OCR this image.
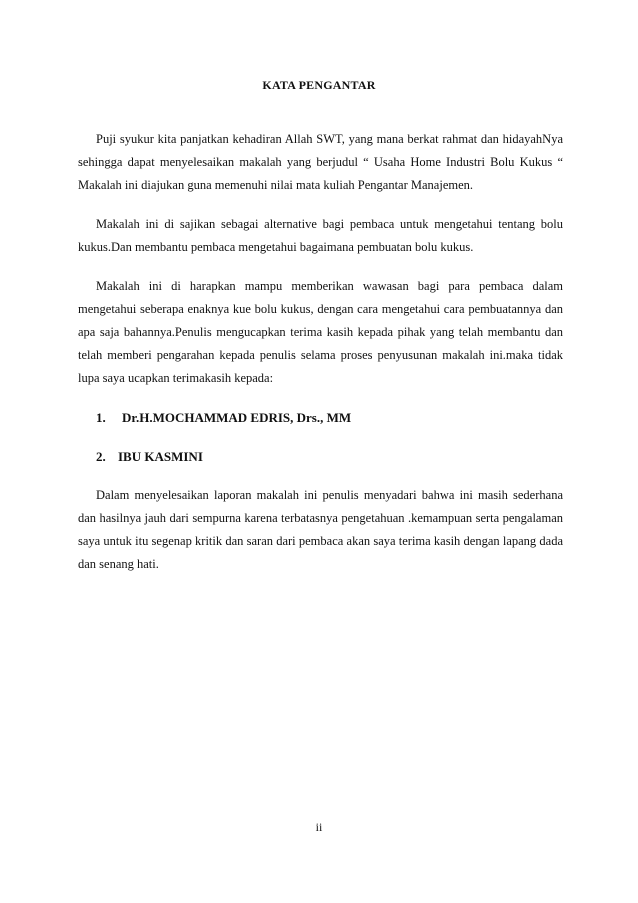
KATA PENGANTAR

Puji syukur kita panjatkan kehadiran Allah SWT, yang mana berkat rahmat dan hidayahNya sehingga dapat menyelesaikan makalah yang berjudul “ Usaha Home Industri Bolu Kukus “ Makalah ini diajukan guna memenuhi nilai mata kuliah Pengantar Manajemen.

Makalah ini di sajikan sebagai alternative bagi pembaca untuk mengetahui tentang bolu kukus.Dan membantu pembaca mengetahui bagaimana pembuatan bolu kukus.

Makalah ini di harapkan mampu memberikan wawasan bagi para pembaca dalam mengetahui seberapa enaknya kue bolu kukus, dengan cara mengetahui cara pembuatannya dan apa saja bahannya.Penulis mengucapkan terima kasih kepada pihak yang telah membantu dan telah memberi pengarahan kepada penulis selama proses penyusunan makalah ini.maka tidak lupa saya ucapkan terimakasih kepada:

1.	Dr.H.MOCHAMMAD EDRIS, Drs., MM
2. IBU KASMINI

Dalam menyelesaikan laporan makalah ini penulis menyadari bahwa ini masih sederhana dan hasilnya jauh dari sempurna karena terbatasnya pengetahuan .kemampuan serta pengalaman saya untuk itu segenap kritik dan saran dari pembaca akan saya terima kasih dengan lapang dada dan senang hati.

ii
